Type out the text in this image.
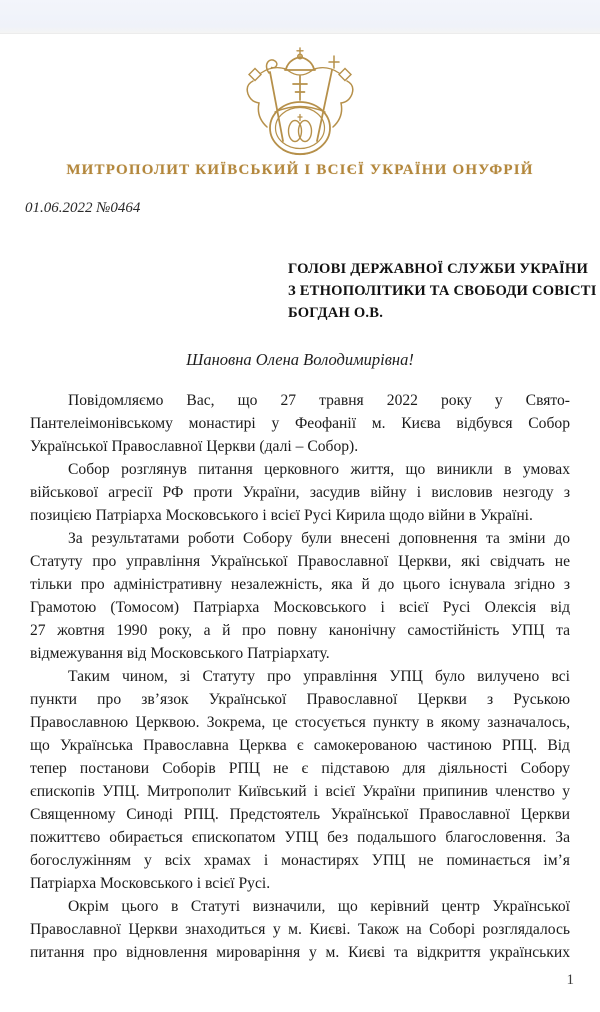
МИТРОПОЛИТ КИЇВСЬКИЙ І ВСІЄЇ УКРАЇНИ ОНУФРІЙ
01.06.2022 №0464
ГОЛОВІ ДЕРЖАВНОЇ СЛУЖБИ УКРАЇНИ
З ЕТНОПОЛІТИКИ ТА СВОБОДИ СОВІСТІ
БОГДАН О.В.
Шановна Олена Володимирівна!
Повідомляємо Вас, що 27 травня 2022 року у Свято-
Пантелеімонівському монастирі у Феофанії м. Києва відбувся Собор
Української Православної Церкви (далі – Собор).
Собор розглянув питання церковного життя, що виникли в умовах
військової агресії РФ проти України, засудив війну і висловив незгоду з
позицією Патріарха Московського і всієї Русі Кирила щодо війни в Україні.
За результатами роботи Собору були внесені доповнення та зміни до
Статуту про управління Української Православної Церкви, які свідчать не
тільки про адміністративну незалежність, яка й до цього існувала згідно з
Грамотою (Томосом) Патріарха Московського і всієї Русі Олексія від
27 жовтня 1990 року, а й про повну канонічну самостійність УПЦ та
відмежування від Московського Патріархату.
Таким чином, зі Статуту про управління УПЦ було вилучено всі
пункти про зв’язок Української Православної Церкви з Руською
Православною Церквою. Зокрема, це стосується пункту в якому зазначалось,
що Українська Православна Церква є самокерованою частиною РПЦ. Від
тепер постанови Соборів РПЦ не є підставою для діяльності Собору
єпископів УПЦ. Митрополит Київський і всієї України припинив членство у
Священному Синоді РПЦ. Предстоятель Української Православної Церкви
пожиттєво обирається єпископатом УПЦ без подальшого благословення. За
богослужінням у всіх храмах і монастирях УПЦ не поминається ім’я
Патріарха Московського і всієї Русі.
Окрім цього в Статуті визначили, що керівний центр Української
Православної Церкви знаходиться у м. Києві. Також на Соборі розглядалось
питання про відновлення мироваріння у м. Києві та відкриття українських
1
